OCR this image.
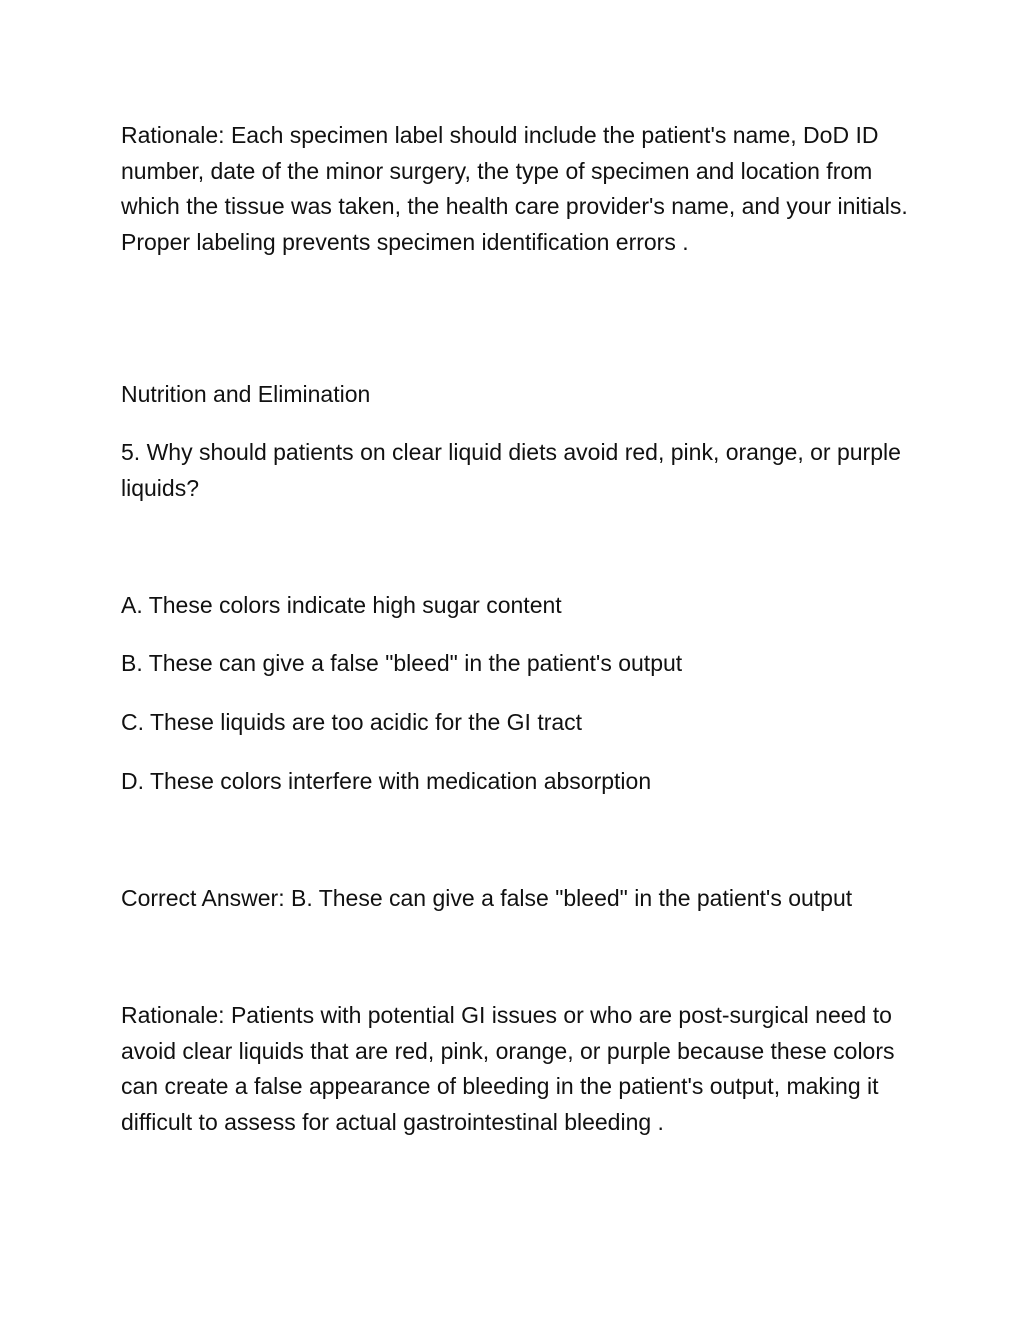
Rationale: Each specimen label should include the patient's name, DoD ID number, date of the minor surgery, the type of specimen and location from which the tissue was taken, the health care provider's name, and your initials. Proper labeling prevents specimen identification errors .

Nutrition and Elimination

5. Why should patients on clear liquid diets avoid red, pink, orange, or purple liquids?

A. These colors indicate high sugar content

B. These can give a false "bleed" in the patient's output

C. These liquids are too acidic for the GI tract

D. These colors interfere with medication absorption

Correct Answer: B. These can give a false "bleed" in the patient's output

Rationale: Patients with potential GI issues or who are post-surgical need to avoid clear liquids that are red, pink, orange, or purple because these colors can create a false appearance of bleeding in the patient's output, making it difficult to assess for actual gastrointestinal bleeding .
